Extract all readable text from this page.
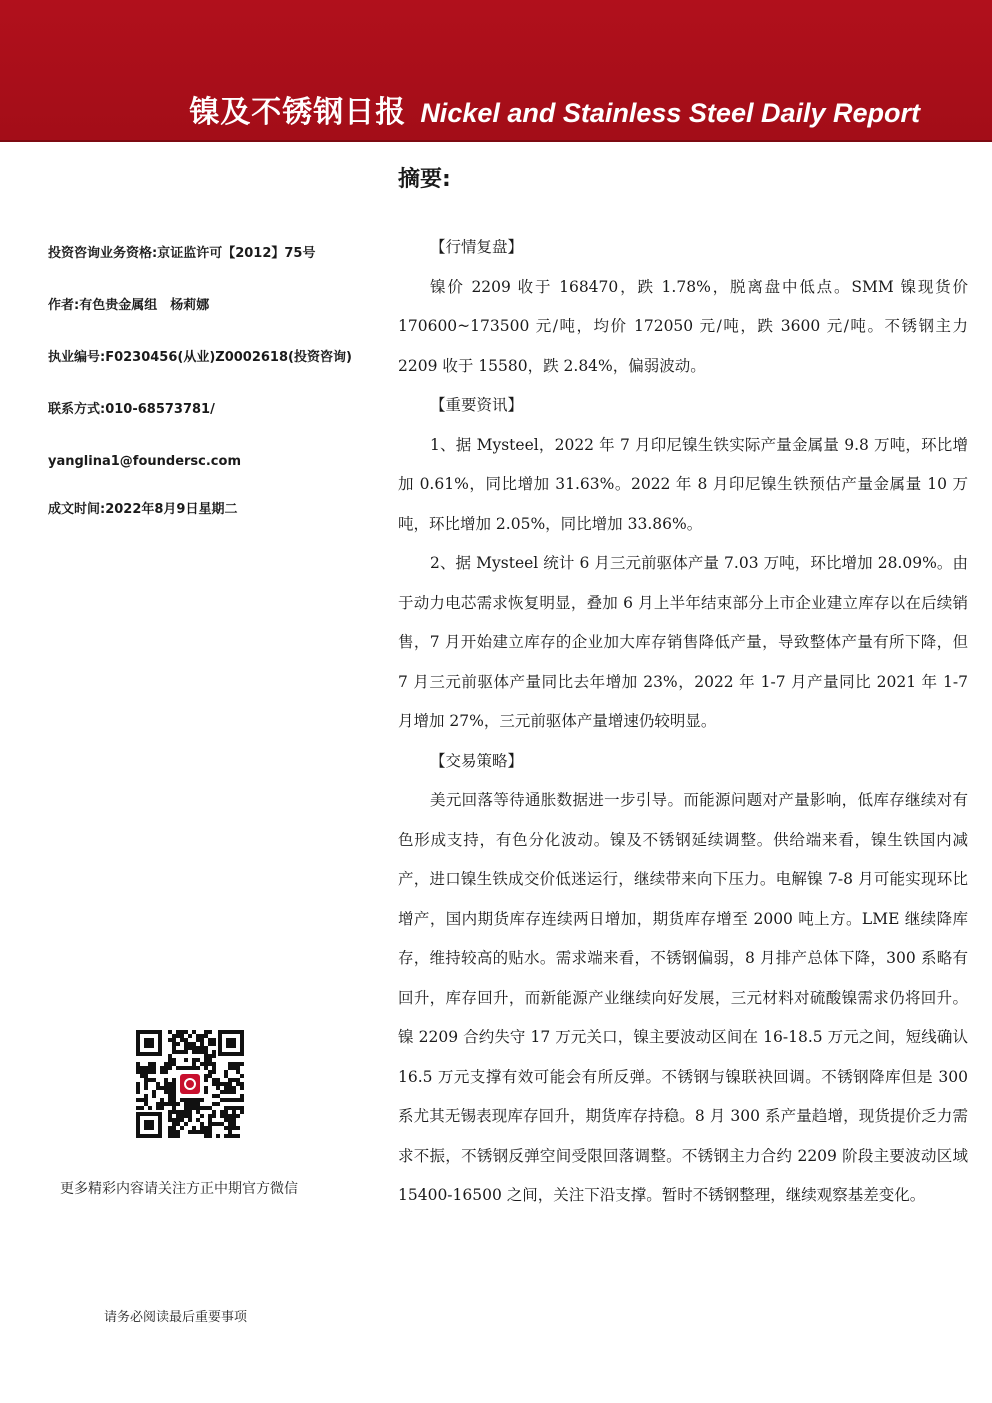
镍及不锈钢日报 Nickel and Stainless Steel Daily Report
摘要:
投资咨询业务资格:京证监许可【2012】75号
作者:有色贵金属组　杨莉娜
执业编号:F0230456(从业)Z0002618(投资咨询)
联系方式:010-68573781/
yanglina1@foundersc.com
成文时间:2022年8月9日星期二
更多精彩内容请关注方正中期官方微信
请务必阅读最后重要事项

【行情复盘】

镍价 2209 收于 168470，跌 1.78%，脱离盘中低点。SMM 镍现货价 170600~173500 元/吨，均价 172050 元/吨，跌 3600 元/吨。不锈钢主力 2209 收于 15580，跌 2.84%，偏弱波动。

【重要资讯】

1、据 Mysteel，2022 年 7 月印尼镍生铁实际产量金属量 9.8 万吨，环比增加 0.61%，同比增加 31.63%。2022 年 8 月印尼镍生铁预估产量金属量 10 万吨，环比增加 2.05%，同比增加 33.86%。

2、据 Mysteel 统计 6 月三元前驱体产量 7.03 万吨，环比增加 28.09%。由于动力电芯需求恢复明显，叠加 6 月上半年结束部分上市企业建立库存以在后续销售，7 月开始建立库存的企业加大库存销售降低产量，导致整体产量有所下降，但 7 月三元前驱体产量同比去年增加 23%，2022 年 1-7 月产量同比 2021 年 1-7 月增加 27%，三元前驱体产量增速仍较明显。

【交易策略】

美元回落等待通胀数据进一步引导。而能源问题对产量影响，低库存继续对有色形成支持，有色分化波动。镍及不锈钢延续调整。供给端来看，镍生铁国内减产，进口镍生铁成交价低迷运行，继续带来向下压力。电解镍 7-8 月可能实现环比增产，国内期货库存连续两日增加，期货库存增至 2000 吨上方。LME 继续降库存，维持较高的贴水。需求端来看，不锈钢偏弱，8 月排产总体下降，300 系略有回升，库存回升，而新能源产业继续向好发展，三元材料对硫酸镍需求仍将回升。镍 2209 合约失守 17 万元关口，镍主要波动区间在 16-18.5 万元之间，短线确认 16.5 万元支撑有效可能会有所反弹。不锈钢与镍联袂回调。不锈钢降库但是 300 系尤其无锡表现库存回升，期货库存持稳。8 月 300 系产量趋增，现货提价乏力需求不振，不锈钢反弹空间受限回落调整。不锈钢主力合约 2209 阶段主要波动区域 15400-16500 之间，关注下沿支撑。暂时不锈钢整理，继续观察基差变化。
